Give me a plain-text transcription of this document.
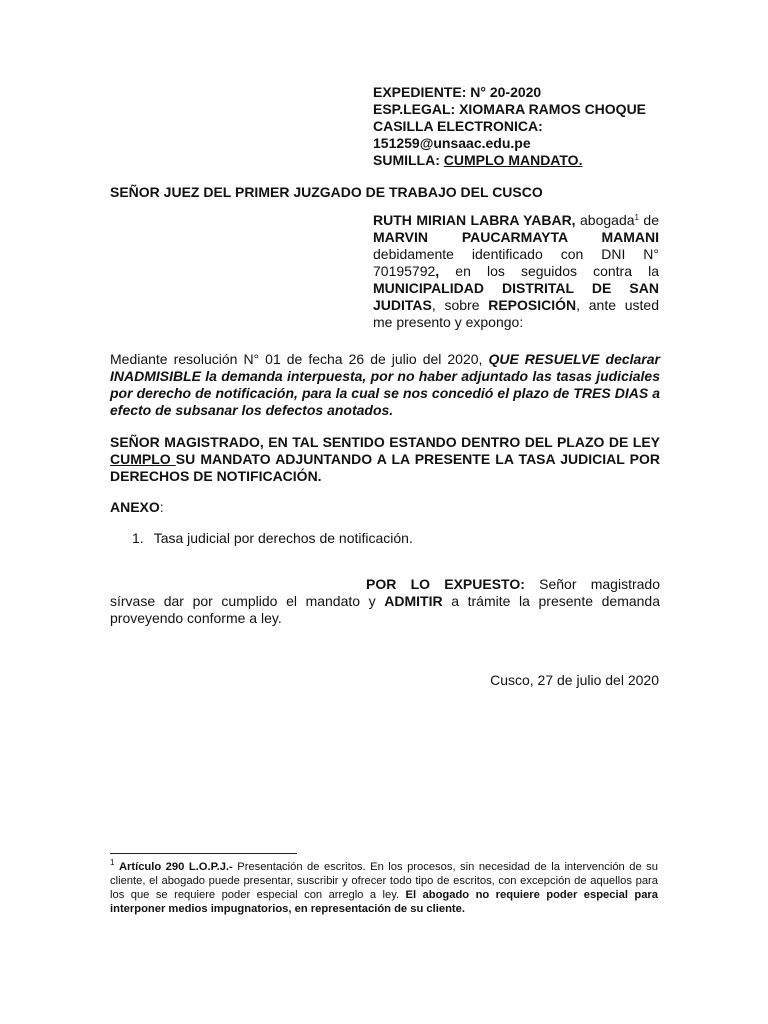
EXPEDIENTE: N° 20-2020
ESP.LEGAL: XIOMARA RAMOS CHOQUE
CASILLA ELECTRONICA:
151259@unsaac.edu.pe
SUMILLA: CUMPLO MANDATO.
SEÑOR JUEZ DEL PRIMER JUZGADO DE TRABAJO DEL CUSCO
RUTH MIRIAN LABRA YABAR, abogada$^1$ de MARVIN PAUCARMAYTA MAMANI debidamente identificado con DNI N° 70195792, en los seguidos contra la MUNICIPALIDAD DISTRITAL DE SAN JUDITAS, sobre REPOSICIÓN, ante usted me presento y expongo:
Mediante resolución N° 01 de fecha 26 de julio del 2020, QUE RESUELVE declarar INADMISIBLE la demanda interpuesta, por no haber adjuntado las tasas judiciales por derecho de notificación, para la cual se nos concedió el plazo de TRES DIAS a efecto de subsanar los defectos anotados.
SEÑOR MAGISTRADO, EN TAL SENTIDO ESTANDO DENTRO DEL PLAZO DE LEY CUMPLO SU MANDATO ADJUNTANDO A LA PRESENTE LA TASA JUDICIAL POR DERECHOS DE NOTIFICACIÓN.
ANEXO:
1. Tasa judicial por derechos de notificación.
POR LO EXPUESTO: Señor magistrado sírvase dar por cumplido el mandato y ADMITIR a trámite la presente demanda proveyendo conforme a ley.
Cusco, 27 de julio del 2020
$^1$ Artículo 290 L.O.P.J.- Presentación de escritos. En los procesos, sin necesidad de la intervención de su cliente, el abogado puede presentar, suscribir y ofrecer todo tipo de escritos, con excepción de aquellos para los que se requiere poder especial con arreglo a ley. El abogado no requiere poder especial para interponer medios impugnatorios, en representación de su cliente.
